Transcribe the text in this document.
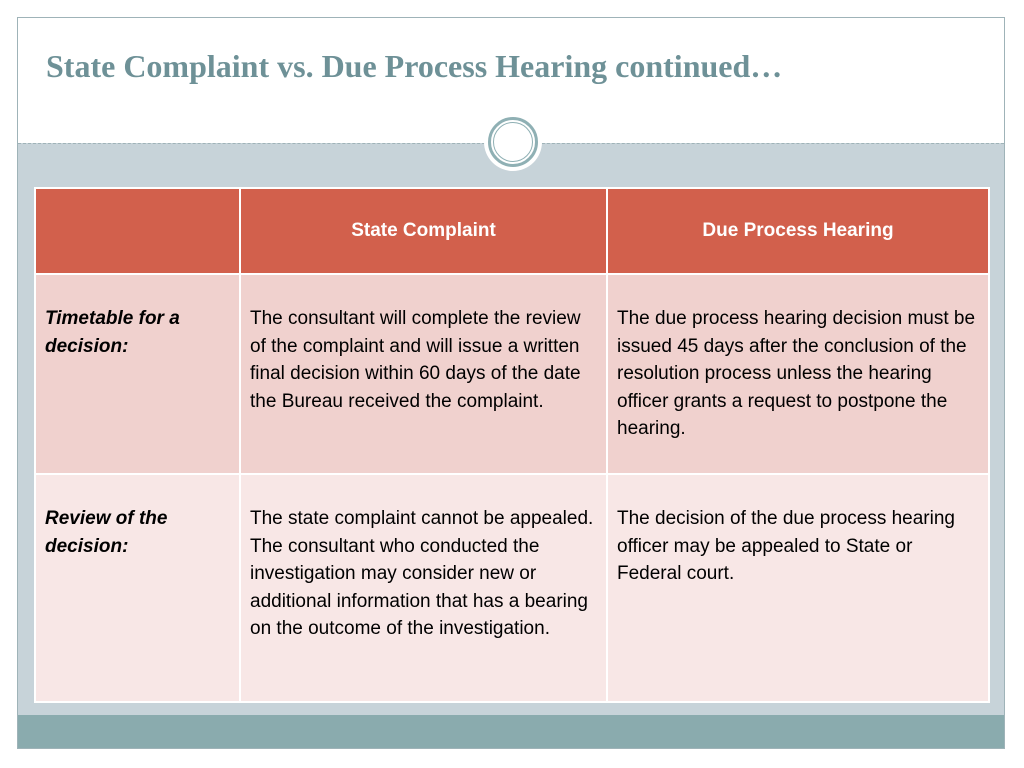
State Complaint vs. Due Process Hearing continued…
	State Complaint	Due Process Hearing

Timetable for a decision:	The consultant will complete the review of the complaint and will issue a written final decision within 60 days of the date the Bureau received the complaint.	The due process hearing decision must be issued 45 days after the conclusion of the resolution process unless the hearing officer grants a request to postpone the hearing.

Review of the decision:	The state complaint cannot be appealed. The consultant who conducted the investigation may consider new or additional information that has a bearing on the outcome of the investigation.	The decision of the due process hearing officer may be appealed to State or Federal court.
